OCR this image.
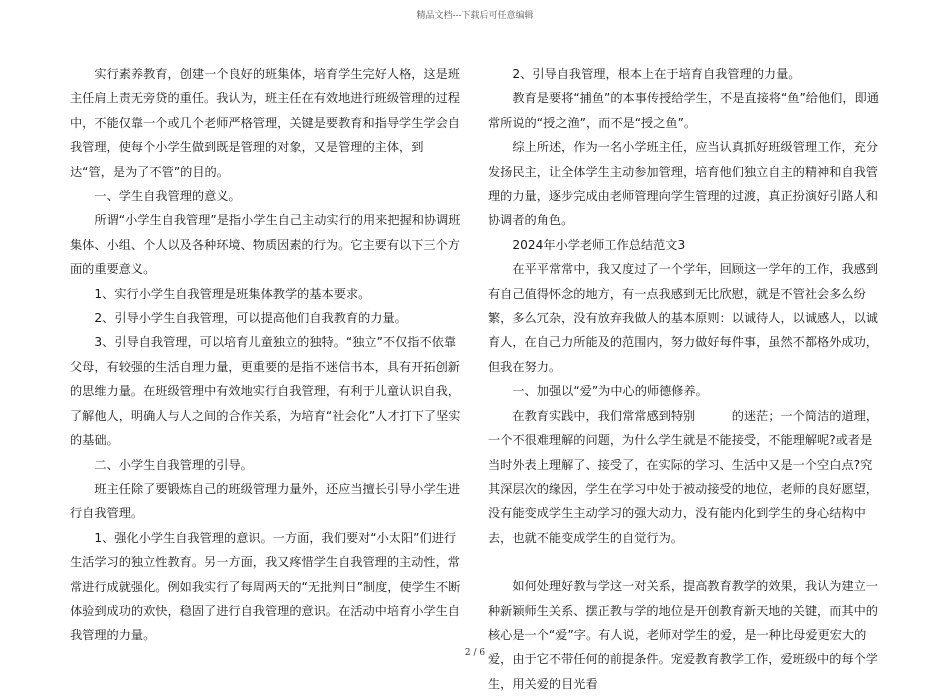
精品文档---下载后可任意编辑

实行素养教育，创建一个良好的班集体，培育学生完好人格，这是班主任肩上责无旁贷的重任。我认为，班主任在有效地进行班级管理的过程中，不能仅靠一个或几个老师严格管理，关键是要教育和指导学生学会自我管理，使每个小学生做到既是管理的对象，又是管理的主体，到达“管，是为了不管”的目的。

一、学生自我管理的意义。

所谓“小学生自我管理”是指小学生自己主动实行的用来把握和协调班集体、小组、个人以及各种环境、物质因素的行为。它主要有以下三个方面的重要意义。

1、实行小学生自我管理是班集体教学的基本要求。

2、引导小学生自我管理，可以提高他们自我教育的力量。

3、引导自我管理，可以培育儿童独立的独特。“独立”不仅指不依靠父母，有较强的生活自理力量，更重要的是指不迷信书本，具有开拓创新的思维力量。在班级管理中有效地实行自我管理，有利于儿童认识自我，了解他人，明确人与人之间的合作关系，为培育“社会化”人才打下了坚实的基础。

二、小学生自我管理的引导。

班主任除了要锻炼自己的班级管理力量外，还应当擅长引导小学生进行自我管理。

1、强化小学生自我管理的意识。一方面，我们要对“小太阳”们进行生活学习的独立性教育。另一方面，我又疼惜学生自我管理的主动性，常常进行成就强化。例如我实行了每周两天的“无批判日”制度，使学生不断体验到成功的欢快，稳固了进行自我管理的意识。在活动中培育小学生自我管理的力量。

2、引导自我管理，根本上在于培育自我管理的力量。

教育是要将“捕鱼”的本事传授给学生，不是直接将“鱼”给他们，即通常所说的“授之渔”，而不是“授之鱼”。

综上所述，作为一名小学班主任，应当认真抓好班级管理工作，充分发扬民主，让全体学生主动参加管理，培育他们独立自主的精神和自我管理的力量，逐步完成由老师管理向学生管理的过渡，真正扮演好引路人和协调者的角色。

2024年小学老师工作总结范文3

在平平常常中，我又度过了一个学年，回顾这一学年的工作，我感到有自己值得怀念的地方，有一点我感到无比欣慰，就是不管社会多么纷繁，多么冗杂，没有放弃我做人的基本原则：以诚待人，以诚感人，以诚育人，在自己力所能及的范围内，努力做好每件事，虽然不都格外成功，但我在努力。

一、加强以“爱”为中心的师德修养。

在教育实践中，我们常常感到特别　　　的迷茫；一个简洁的道理，一个不很难理解的问题，为什么学生就是不能接受，不能理解呢?或者是当时外表上理解了、接受了，在实际的学习、生活中又是一个空白点?究其深层次的缘因，学生在学习中处于被动接受的地位，老师的良好愿望，没有能变成学生主动学习的强大动力，没有能内化到学生的身心结构中去，也就不能变成学生的自觉行为。

如何处理好教与学这一对关系，提高教育教学的效果，我认为建立一种新颖师生关系、摆正教与学的地位是开创教育新天地的关键，而其中的核心是一个“爱”字。有人说，老师对学生的爱，是一种比母爱更宏大的爱，由于它不带任何的前提条件。宠爱教育教学工作，爱班级中的每个学生，用关爱的目光看

2 / 6
